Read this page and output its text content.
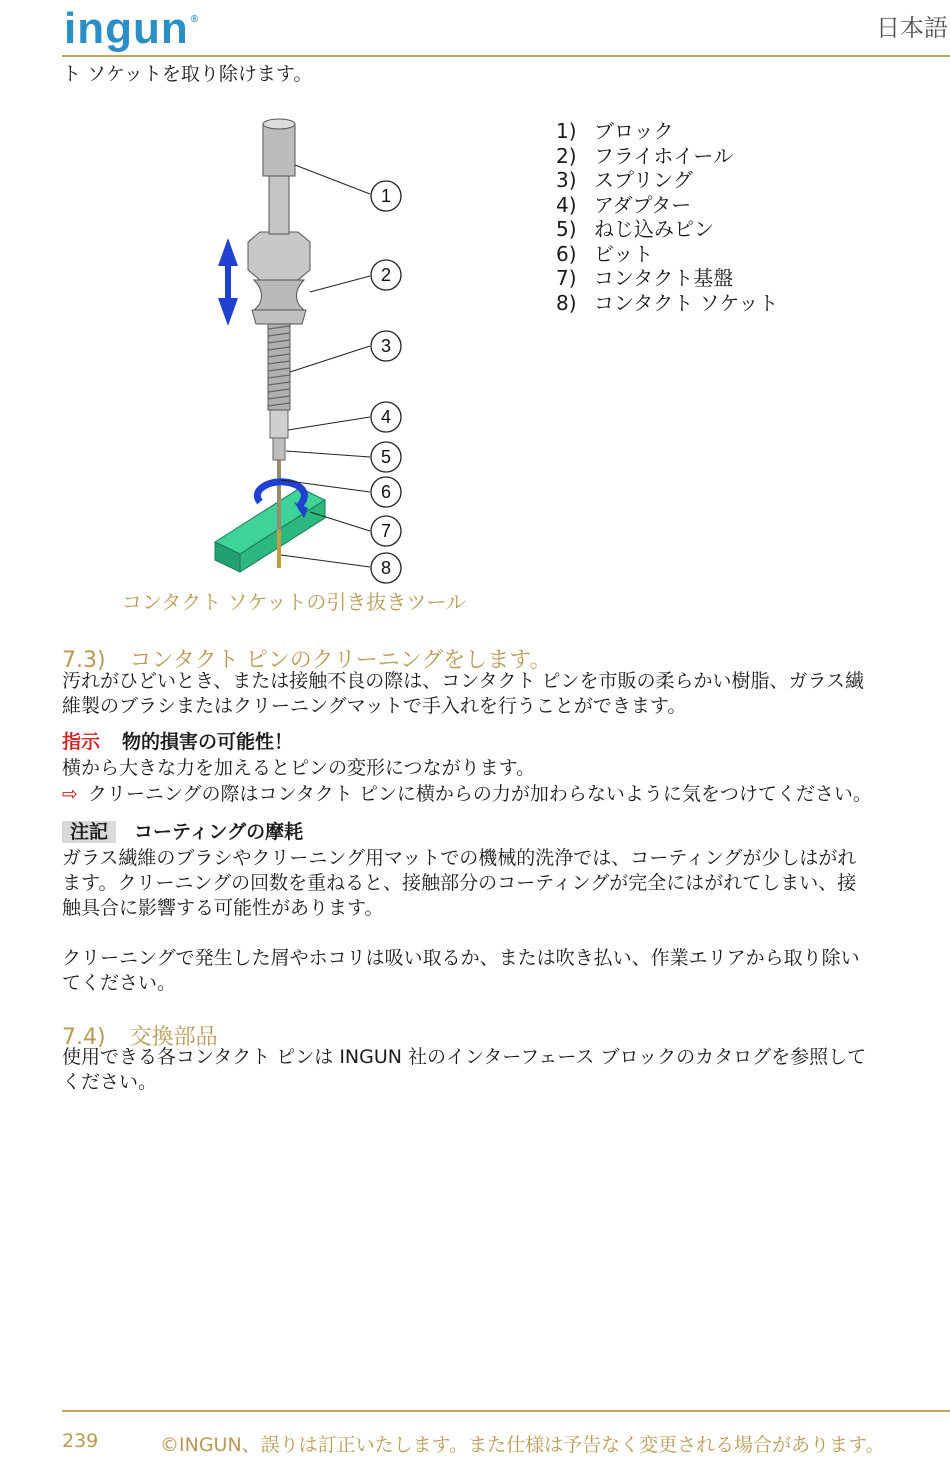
ingun ®	日本語
ト ソケットを取り除けます。
1
2
3
4
5
6
7
8
1) ブロック
2) フライホイール
3) スプリング
4) アダプター
5) ねじ込みピン
6) ビット
7) コンタクト基盤
8) コンタクト ソケット
コンタクト ソケットの引き抜きツール
7.3) コンタクト ピンのクリーニングをします。
汚れがひどいとき、または接触不良の際は、コンタクト ピンを市販の柔らかい樹脂、ガラス繊
維製のブラシまたはクリーニングマットで手入れを行うことができます。
指示 物的損害の可能性！
横から大きな力を加えるとピンの変形につながります。
⇨ クリーニングの際はコンタクト ピンに横からの力が加わらないように気をつけてください。
注記 コーティングの摩耗
ガラス繊維のブラシやクリーニング用マットでの機械的洗浄では、コーティングが少しはがれ
ます。クリーニングの回数を重ねると、接触部分のコーティングが完全にはがれてしまい、接
触具合に影響する可能性があります。
クリーニングで発生した屑やホコリは吸い取るか、または吹き払い、作業エリアから取り除い
てください。
7.4) 交換部品
使用できる各コンタクト ピンは INGUN 社のインターフェース ブロックのカタログを参照して
ください。
239	©INGUN、誤りは訂正いたします。また仕様は予告なく変更される場合があります。
